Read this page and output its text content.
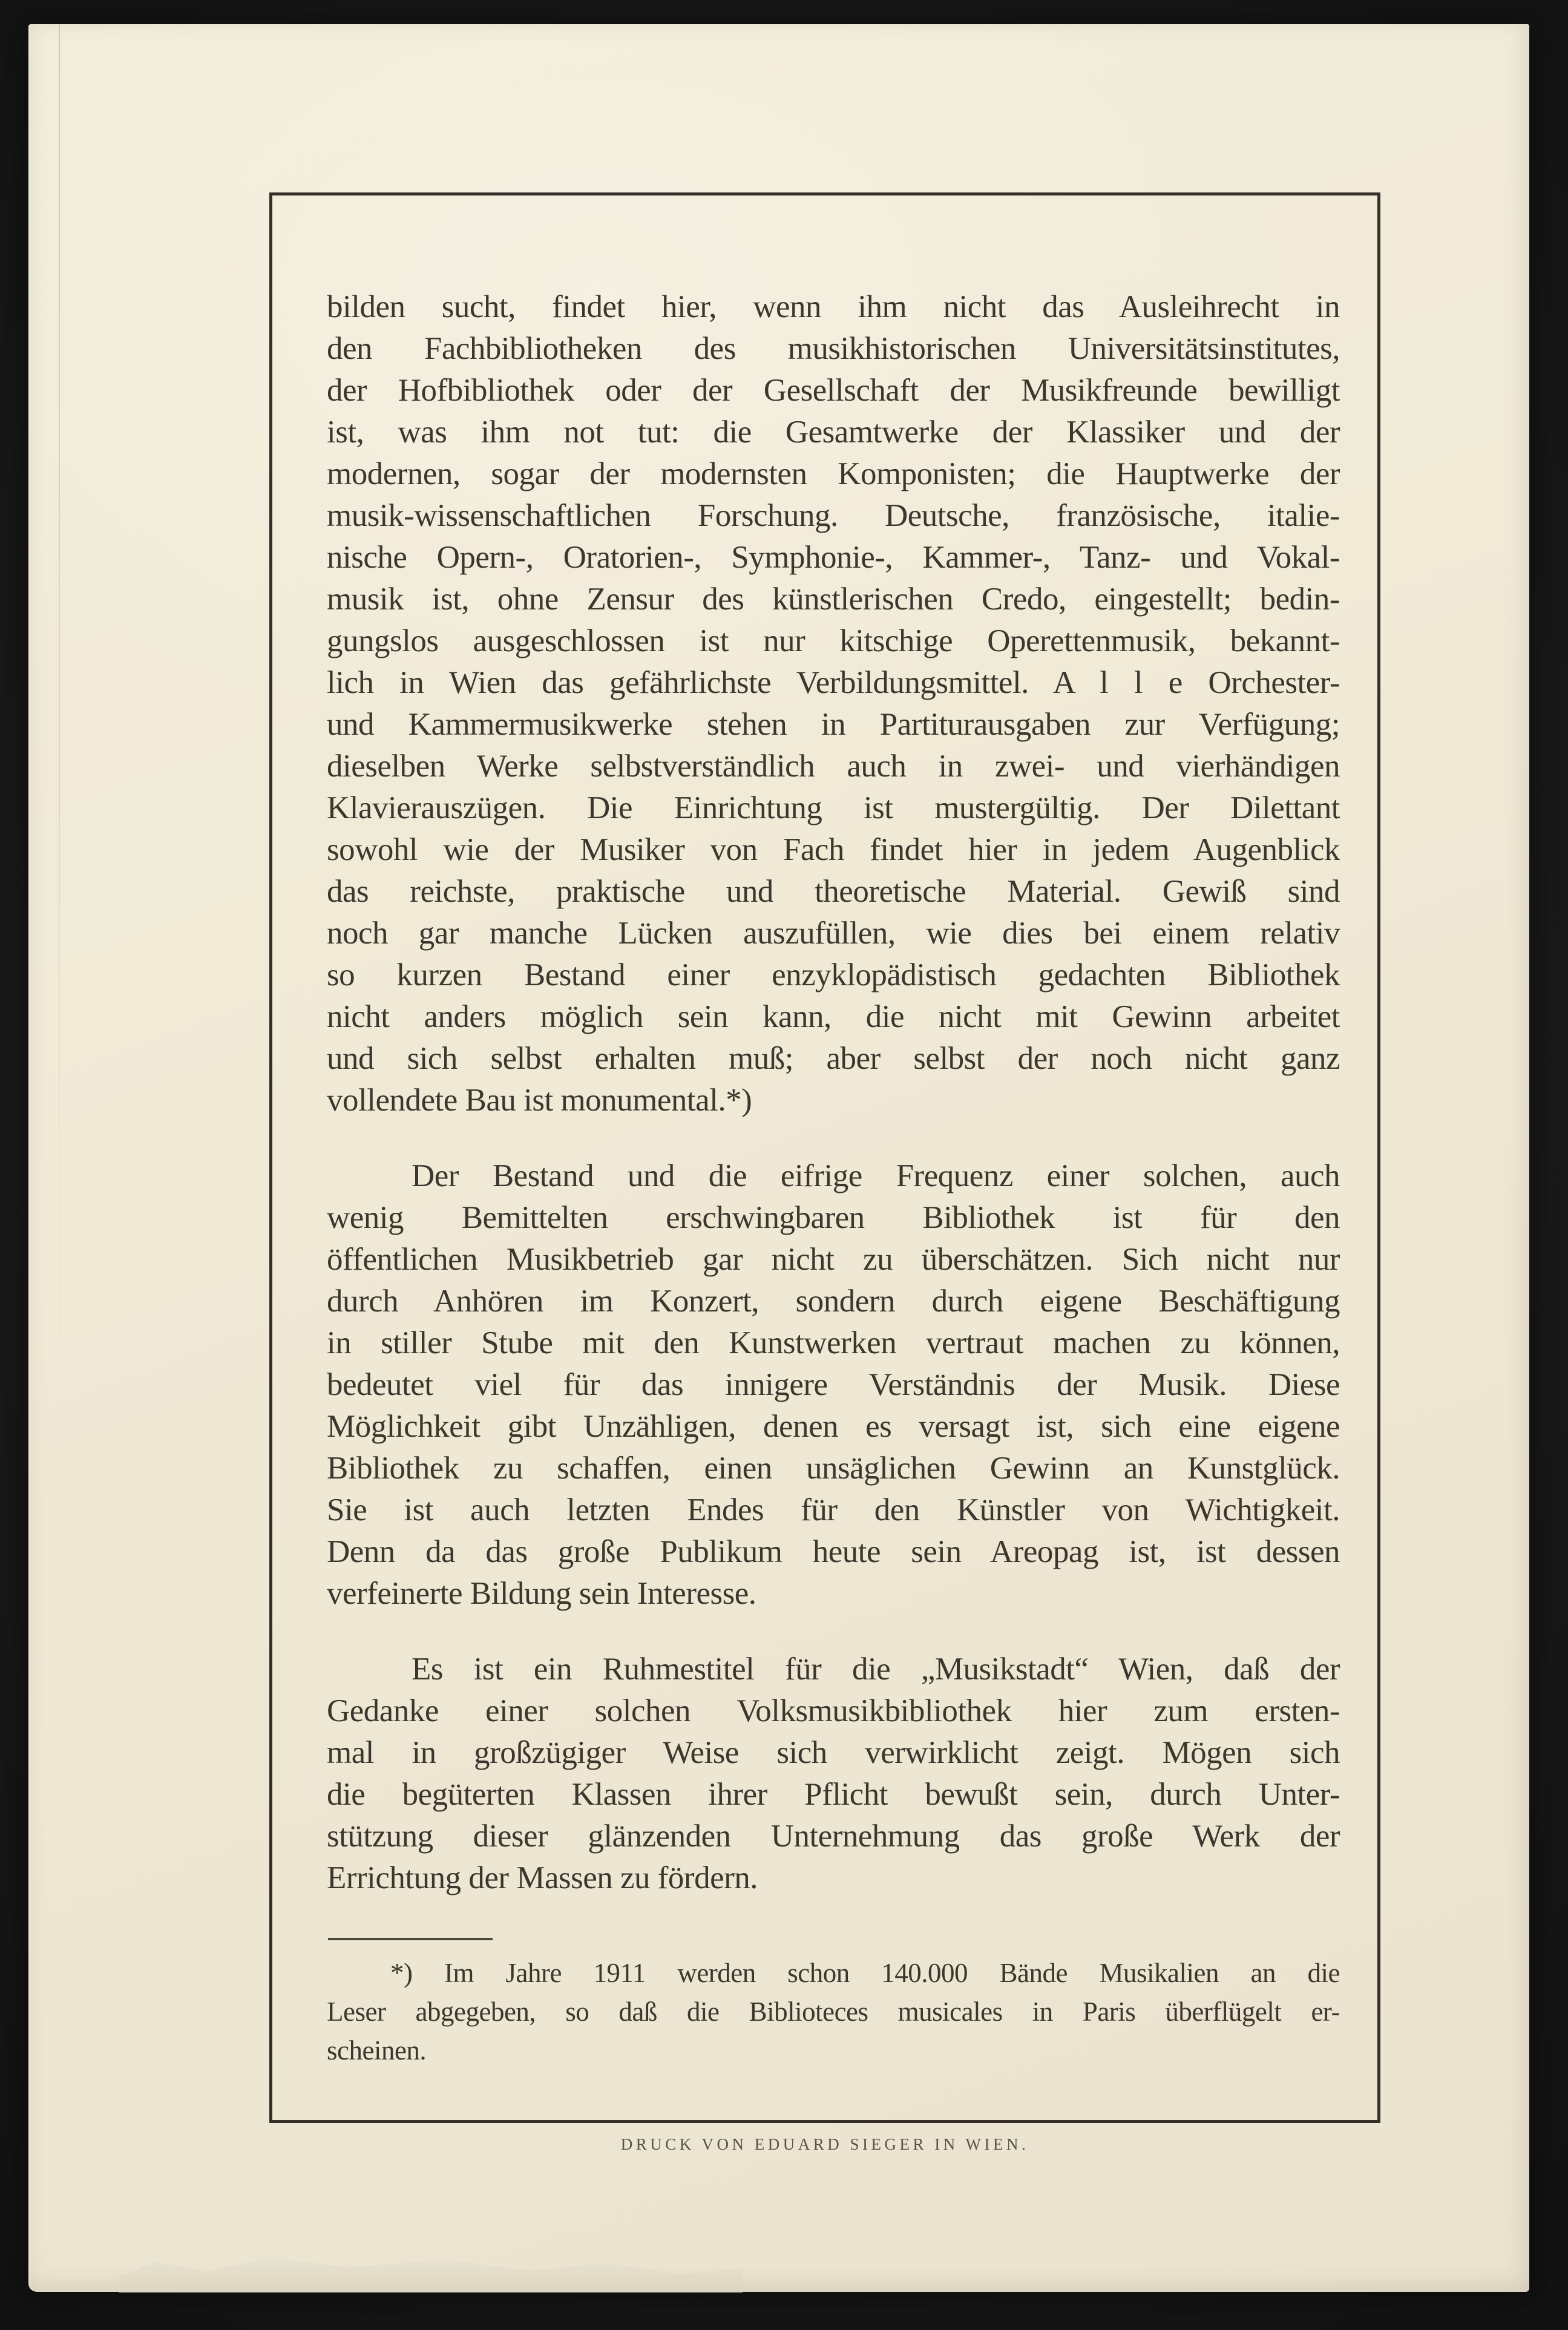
bilden sucht, findet hier, wenn ihm nicht das Ausleihrecht in
den Fachbibliotheken des musikhistorischen Universitätsinstitutes,
der Hofbibliothek oder der Gesellschaft der Musikfreunde bewilligt
ist, was ihm not tut: die Gesamtwerke der Klassiker und der
modernen, sogar der modernsten Komponisten; die Hauptwerke der
musik-wissenschaftlichen Forschung. Deutsche, französische, italie-
nische Opern-, Oratorien-, Symphonie-, Kammer-, Tanz- und Vokal-
musik ist, ohne Zensur des künstlerischen Credo, eingestellt; bedin-
gungslos ausgeschlossen ist nur kitschige Operettenmusik, bekannt-
lich in Wien das gefährlichste Verbildungsmittel. A l l e Orchester-
und Kammermusikwerke stehen in Partiturausgaben zur Verfügung;
dieselben Werke selbstverständlich auch in zwei- und vierhändigen
Klavierauszügen. Die Einrichtung ist mustergültig. Der Dilettant
sowohl wie der Musiker von Fach findet hier in jedem Augenblick
das reichste, praktische und theoretische Material. Gewiß sind
noch gar manche Lücken auszufüllen, wie dies bei einem relativ
so kurzen Bestand einer enzyklopädistisch gedachten Bibliothek
nicht anders möglich sein kann, die nicht mit Gewinn arbeitet
und sich selbst erhalten muß; aber selbst der noch nicht ganz
vollendete Bau ist monumental.*)
Der Bestand und die eifrige Frequenz einer solchen, auch
wenig Bemittelten erschwingbaren Bibliothek ist für den
öffentlichen Musikbetrieb gar nicht zu überschätzen. Sich nicht nur
durch Anhören im Konzert, sondern durch eigene Beschäftigung
in stiller Stube mit den Kunstwerken vertraut machen zu können,
bedeutet viel für das innigere Verständnis der Musik. Diese
Möglichkeit gibt Unzähligen, denen es versagt ist, sich eine eigene
Bibliothek zu schaffen, einen unsäglichen Gewinn an Kunstglück.
Sie ist auch letzten Endes für den Künstler von Wichtigkeit.
Denn da das große Publikum heute sein Areopag ist, ist dessen
verfeinerte Bildung sein Interesse.
Es ist ein Ruhmestitel für die „Musikstadt“ Wien, daß der
Gedanke einer solchen Volksmusikbibliothek hier zum ersten-
mal in großzügiger Weise sich verwirklicht zeigt. Mögen sich
die begüterten Klassen ihrer Pflicht bewußt sein, durch Unter-
stützung dieser glänzenden Unternehmung das große Werk der
Errichtung der Massen zu fördern.
*) Im Jahre 1911 werden schon 140.000 Bände Musikalien an die
Leser abgegeben, so daß die Biblioteces musicales in Paris überflügelt er-
scheinen.
DRUCK VON EDUARD SIEGER IN WIEN.
